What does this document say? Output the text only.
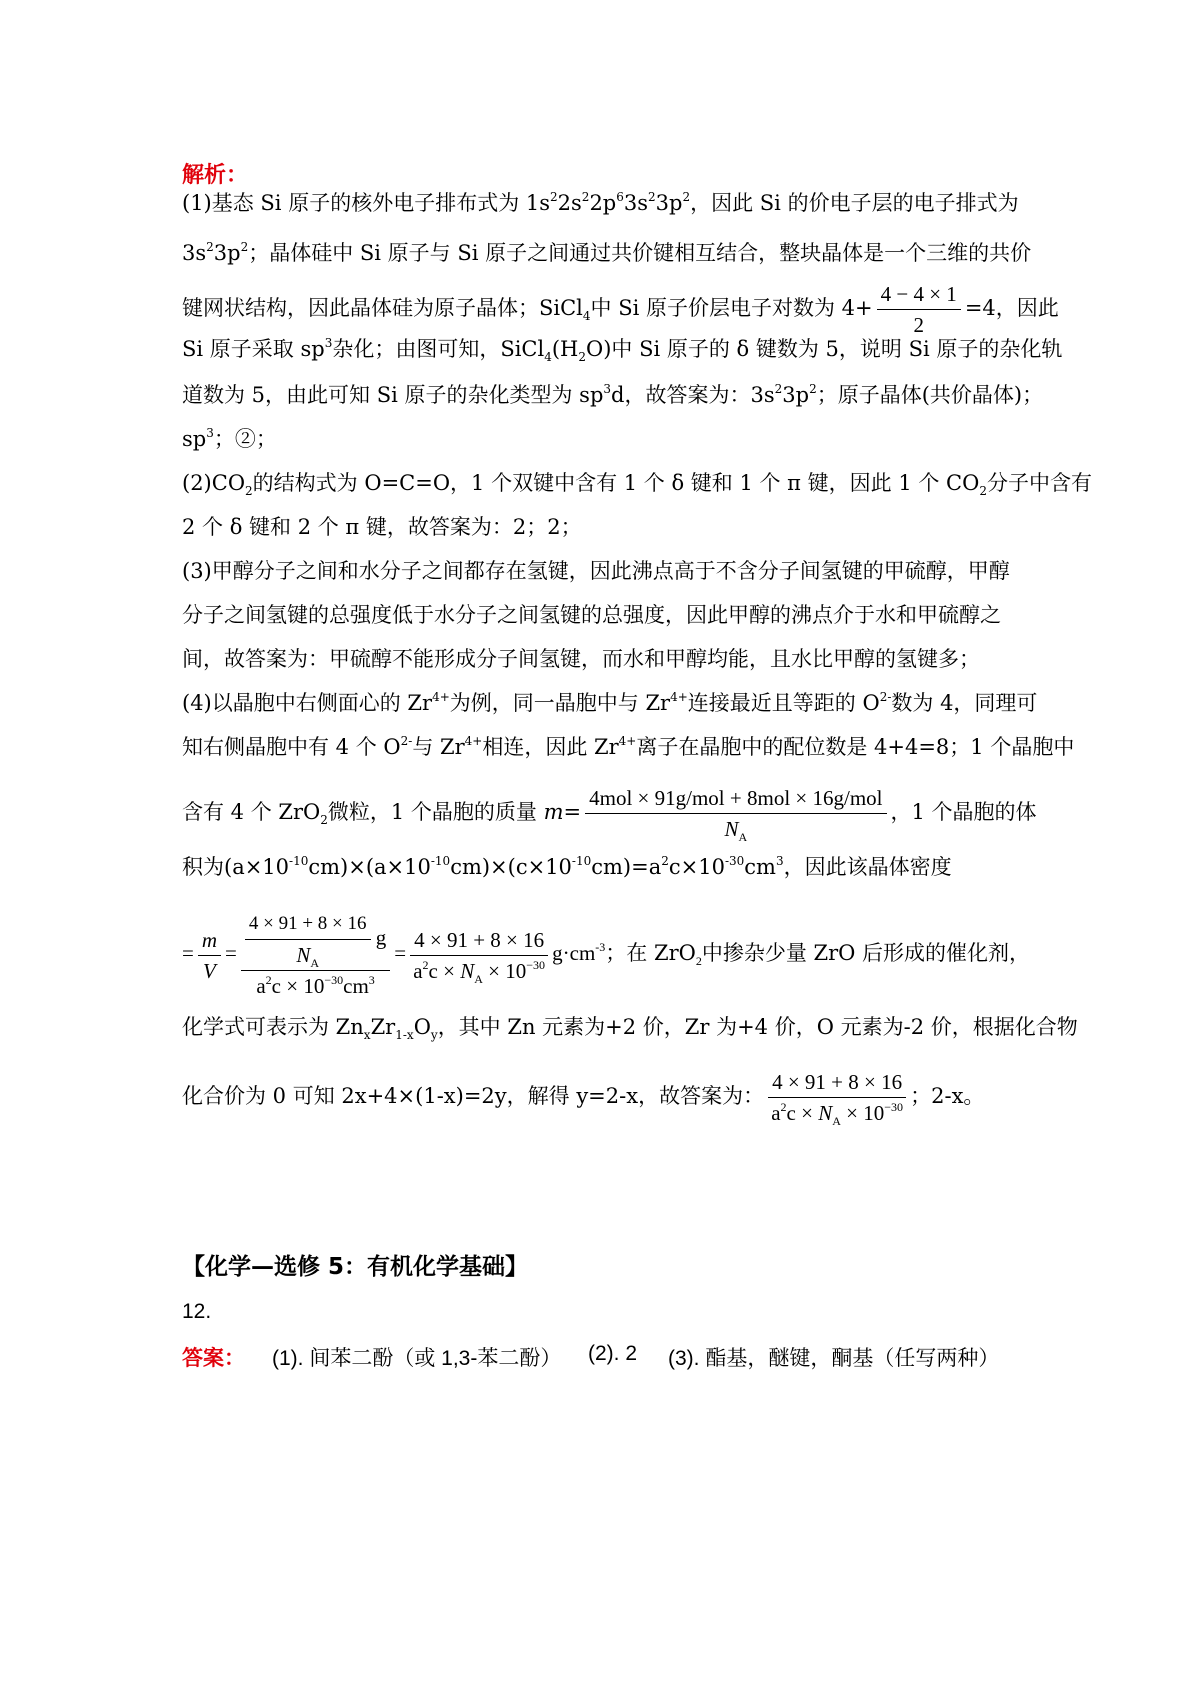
解析：
(1)基态 Si 原子的核外电子排布式为 $1s^22s^22p^63s^23p^2$，因此 Si 的价电子层的电子排式为
$3s^23p^2$；晶体硅中 Si 原子与 Si 原子之间通过共价键相互结合，整块晶体是一个三维的共价
键网状结构，因此晶体硅为原子晶体；SiCl$_4$中 Si 原子价层电子对数为 $4+ \frac{4 - 4 \times 1}{2} =4$，因此
Si 原子采取 $sp^3$杂化；由图可知，$SiCl_4(H_2O)$中 Si 原子的 δ 键数为 5，说明 Si 原子的杂化轨
道数为 5，由此可知 Si 原子的杂化类型为 $sp^3d$，故答案为：$3s^23p^2$；原子晶体(共价晶体)；
$sp^3$；②；
$(2)CO_2$的结构式为 O=C=O，1 个双键中含有 1 个 δ 键和 1 个 π 键，因此 1 个 $CO_2$分子中含有
2 个 δ 键和 2 个 π 键，故答案为：2；2；
(3)甲醇分子之间和水分子之间都存在氢键，因此沸点高于不含分子间氢键的甲硫醇，甲醇
分子之间氢键的总强度低于水分子之间氢键的总强度，因此甲醇的沸点介于水和甲硫醇之
间，故答案为：甲硫醇不能形成分子间氢键，而水和甲醇均能，且水比甲醇的氢键多；
(4)以晶胞中右侧面心的 $Zr^{4+}$为例，同一晶胞中与 $Zr^{4+}$连接最近且等距的 $O^{2-}$数为 4，同理可
知右侧晶胞中有 4 个 $O^{2-}$与 $Zr^{4+}$相连，因此 $Zr^{4+}$离子在晶胞中的配位数是 4+4=8；1 个晶胞中
含有 4 个 ZrO$_2$微粒，1 个晶胞的质量 $m= \frac{\text{4mol × 91g/mol + 8mol × 16g/mol}}{N_A}$ ，1 个晶胞的体
积为$(a\times 10^{-10}cm)\times(a\times 10^{-10}cm)\times(c\times 10^{-10}cm)=a^2c\times 10^{-30}cm^3$，因此该晶体密度
= $\frac{m}{V} = \frac{\frac{4 \times 91 + 8 \times 16}{N_A} g}{a^2c \times 10^{-30}cm^3} = \frac{4 \times 91 + 8 \times 16}{a^2c \times N_A \times 10^{-30}} g\cdot cm^{-3}$；在 ZrO$_2$中掺杂少量 ZrO 后形成的催化剂，
化学式可表示为 $Zn_xZr_{1-x}O_y$，其中 Zn 元素为+2 价，Zr 为+4 价，O 元素为-2 价，根据化合物
化合价为 0 可知 2x+4×(1-x)=2y，解得 y=2-x，故答案为： $\frac{4 \times 91 + 8 \times 16}{a^2c \times N_A \times 10^{-30}}$ ；2-x。
【化学—选修 5：有机化学基础】
12.
答案： (1). 间苯二酚（或 1,3-苯二酚） (2). 2 (3). 酯基，醚键，酮基（任写两种）
